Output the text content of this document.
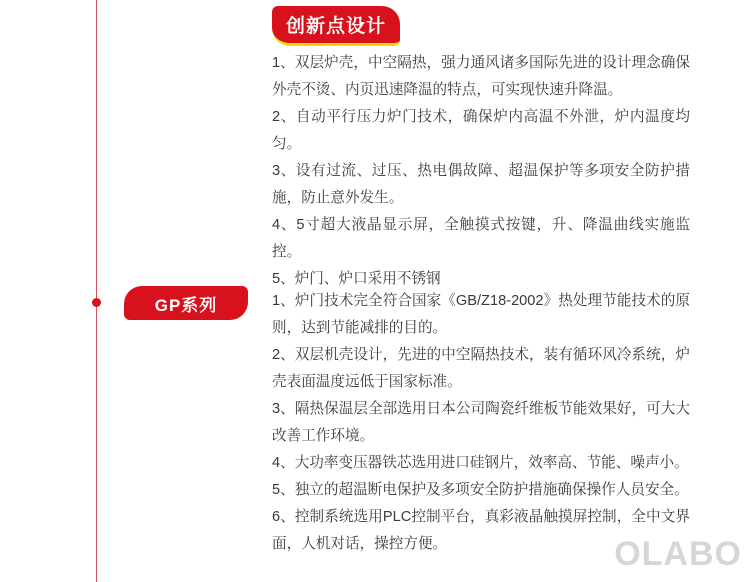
创新点设计
GP系列

1、双层炉壳，中空隔热，强力通风诸多国际先进的设计理念确保外壳不烫、内页迅速降温的特点，可实现快速升降温。

2、自动平行压力炉门技术，确保炉内高温不外泄，炉内温度均匀。

3、设有过流、过压、热电偶故障、超温保护等多项安全防护措施，防止意外发生。

4、5寸超大液晶显示屏，全触摸式按键，升、降温曲线实施监控。

5、炉门、炉口采用不锈钢

1、炉门技术完全符合国家《GB/Z18-2002》热处理节能技术的原则，达到节能减排的目的。

2、双层机壳设计，先进的中空隔热技术，装有循环风冷系统，炉壳表面温度远低于国家标准。

3、隔热保温层全部选用日本公司陶瓷纤维板节能效果好，可大大改善工作环境。

4、大功率变压器铁芯选用进口硅钢片，效率高、节能、噪声小。

5、独立的超温断电保护及多项安全防护措施确保操作人员安全。

6、控制系统选用PLC控制平台，真彩液晶触摸屏控制，全中文界面，人机对话，操控方便。	OLABO
